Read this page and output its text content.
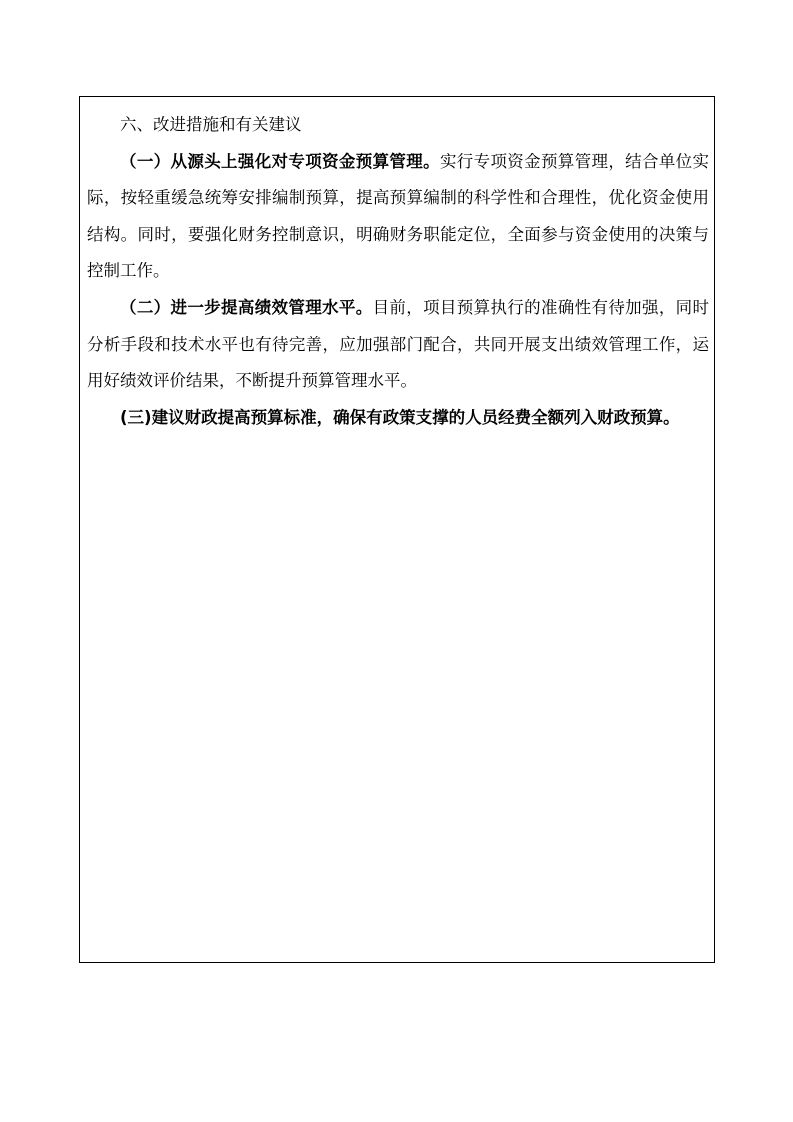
六、改进措施和有关建议

（一）从源头上强化对专项资金预算管理。实行专项资金预算管理，结合单位实际，按轻重缓急统筹安排编制预算，提高预算编制的科学性和合理性，优化资金使用结构。同时，要强化财务控制意识，明确财务职能定位，全面参与资金使用的决策与控制工作。

（二）进一步提高绩效管理水平。目前，项目预算执行的准确性有待加强，同时分析手段和技术水平也有待完善，应加强部门配合，共同开展支出绩效管理工作，运用好绩效评价结果，不断提升预算管理水平。

(三)建议财政提高预算标准，确保有政策支撑的人员经费全额列入财政预算。
